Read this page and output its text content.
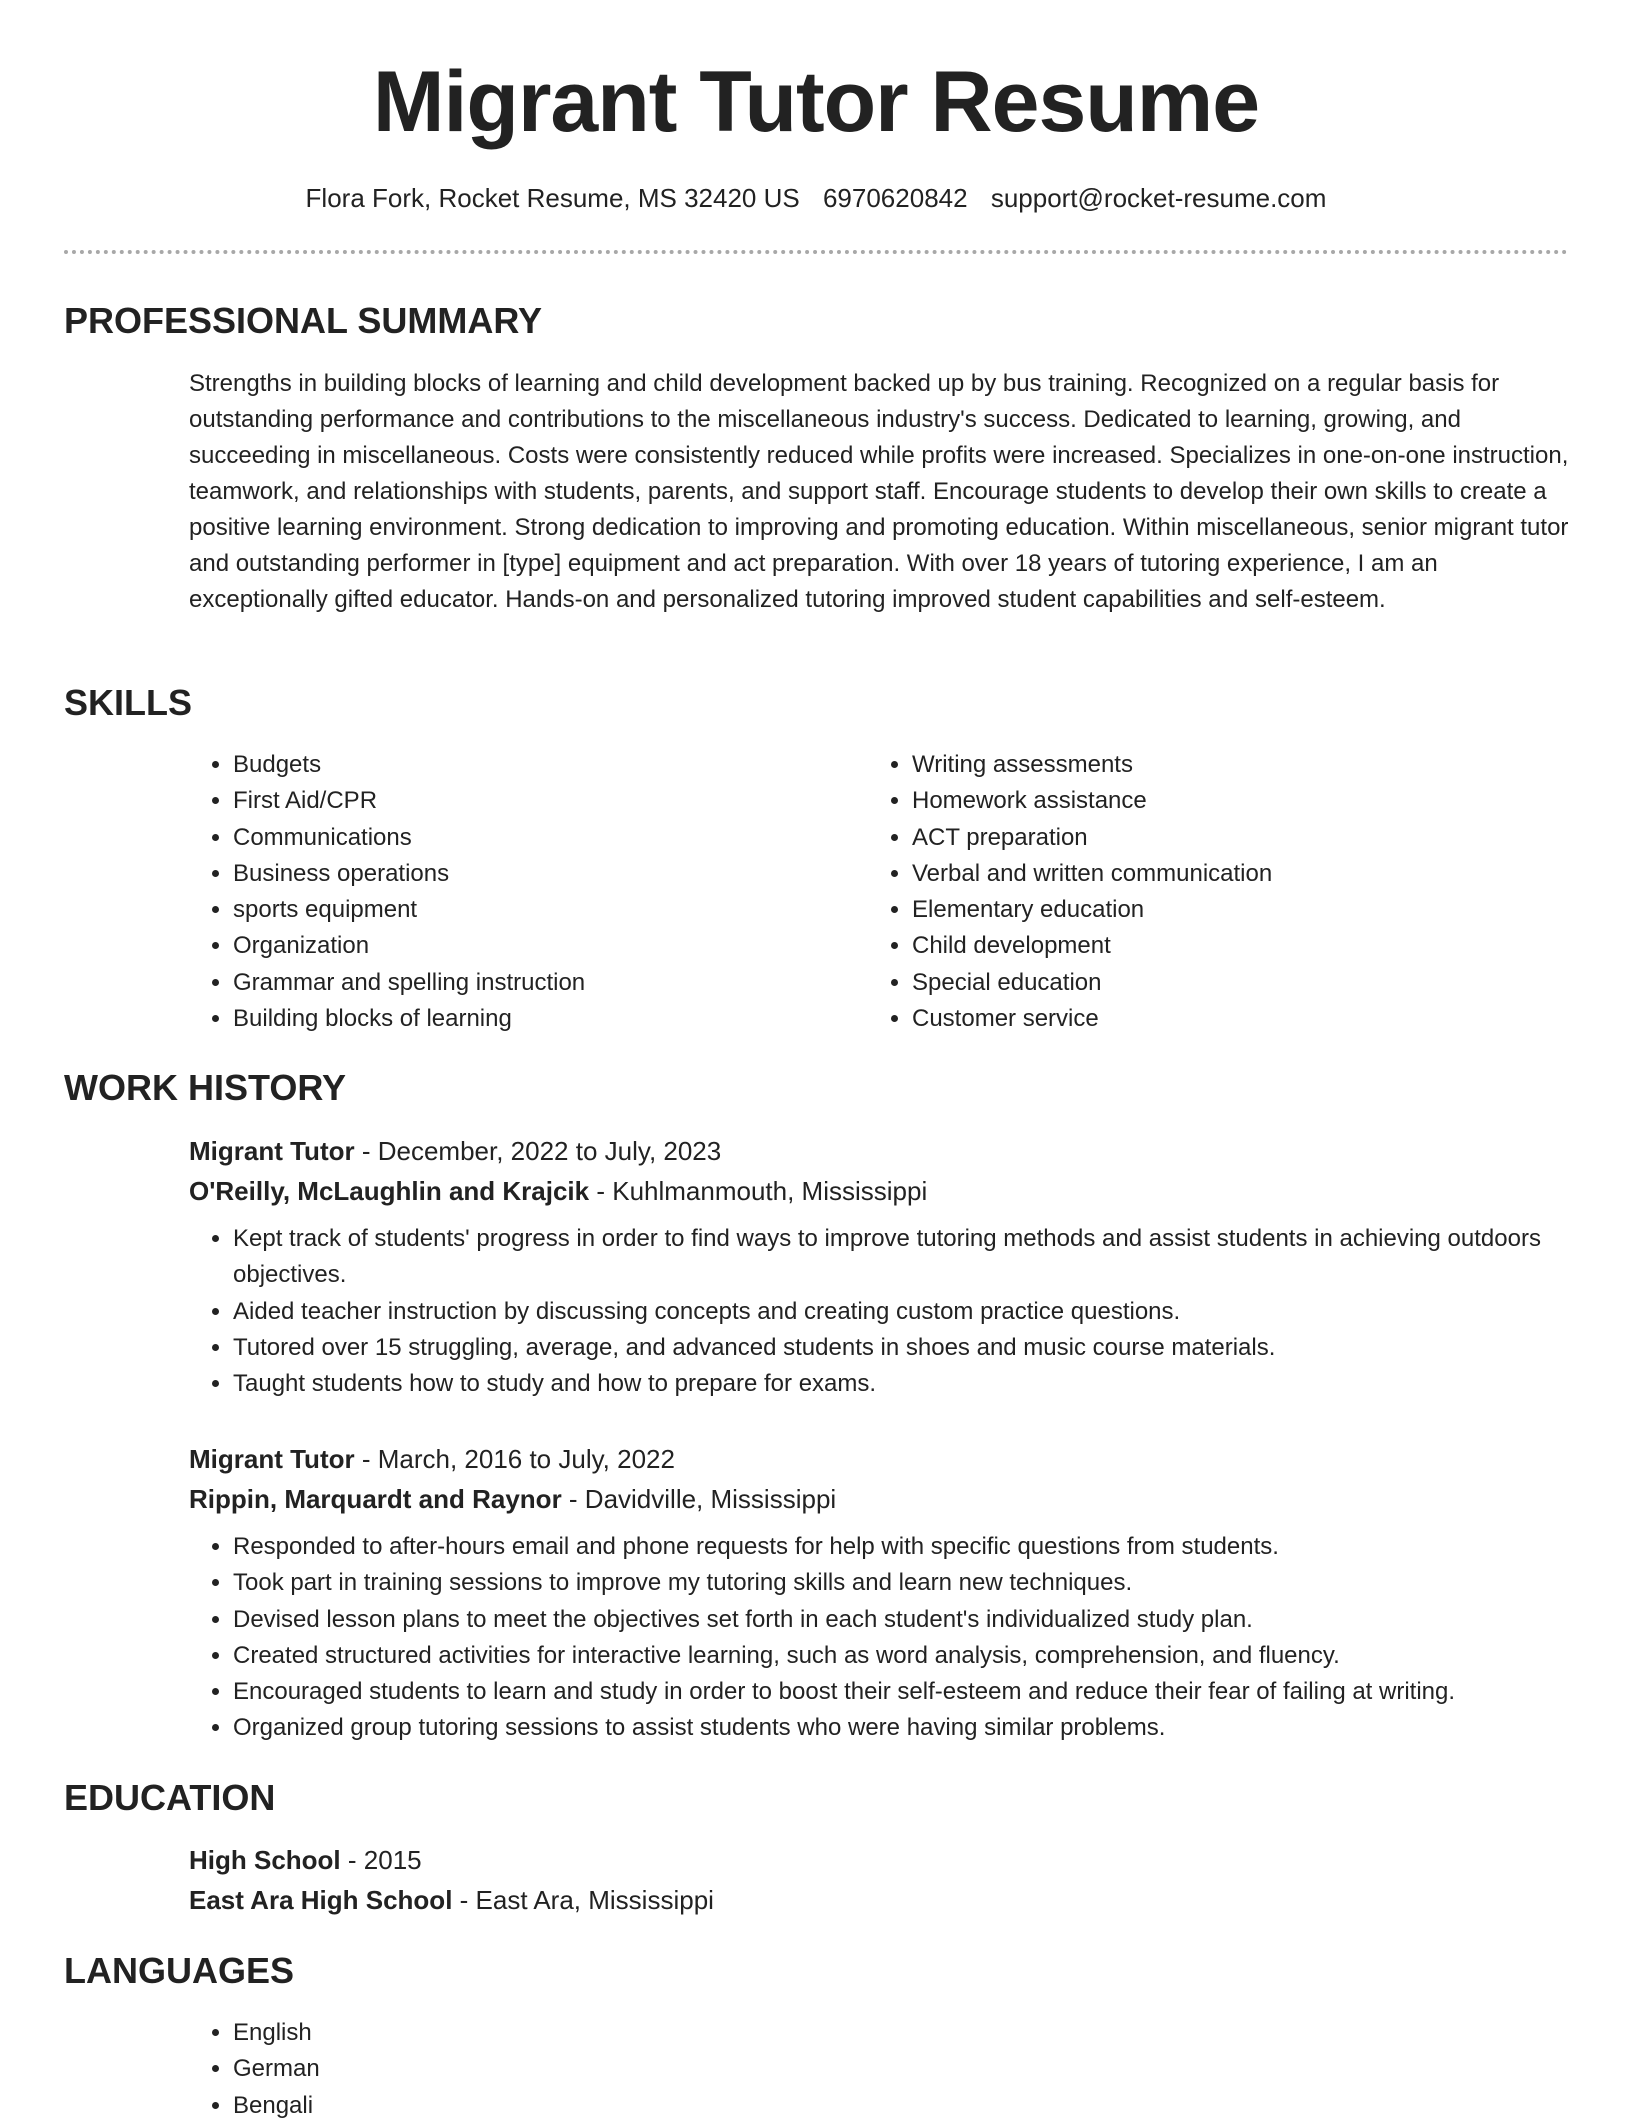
Migrant Tutor Resume
Flora Fork, Rocket Resume, MS 32420 US 6970620842 support@rocket-resume.com
PROFESSIONAL SUMMARY

Strengths in building blocks of learning and child development backed up by bus training. Recognized on a regular basis for outstanding performance and contributions to the miscellaneous industry's success. Dedicated to learning, growing, and succeeding in miscellaneous. Costs were consistently reduced while profits were increased. Specializes in one-on-one instruction, teamwork, and relationships with students, parents, and support staff. Encourage students to develop their own skills to create a positive learning environment. Strong dedication to improving and promoting education. Within miscellaneous, senior migrant tutor and outstanding performer in [type] equipment and act preparation. With over 18 years of tutoring experience, I am an exceptionally gifted educator. Hands-on and personalized tutoring improved student capabilities and self-esteem.

SKILLS
• Budgets
• First Aid/CPR
• Communications
• Business operations
• sports equipment
• Organization
• Grammar and spelling instruction
• Building blocks of learning
• Writing assessments
• Homework assistance
• ACT preparation
• Verbal and written communication
• Elementary education
• Child development
• Special education
• Customer service
WORK HISTORY
Migrant Tutor - December, 2022 to July, 2023
O'Reilly, McLaughlin and Krajcik - Kuhlmanmouth, Mississippi
• Kept track of students' progress in order to find ways to improve tutoring methods and assist students in achieving outdoors objectives.
• Aided teacher instruction by discussing concepts and creating custom practice questions.
• Tutored over 15 struggling, average, and advanced students in shoes and music course materials.
• Taught students how to study and how to prepare for exams.
Migrant Tutor - March, 2016 to July, 2022
Rippin, Marquardt and Raynor - Davidville, Mississippi
• Responded to after-hours email and phone requests for help with specific questions from students.
• Took part in training sessions to improve my tutoring skills and learn new techniques.
• Devised lesson plans to meet the objectives set forth in each student's individualized study plan.
• Created structured activities for interactive learning, such as word analysis, comprehension, and fluency.
• Encouraged students to learn and study in order to boost their self-esteem and reduce their fear of failing at writing.
• Organized group tutoring sessions to assist students who were having similar problems.
EDUCATION
High School - 2015
East Ara High School - East Ara, Mississippi
LANGUAGES
• English
• German
• Bengali
